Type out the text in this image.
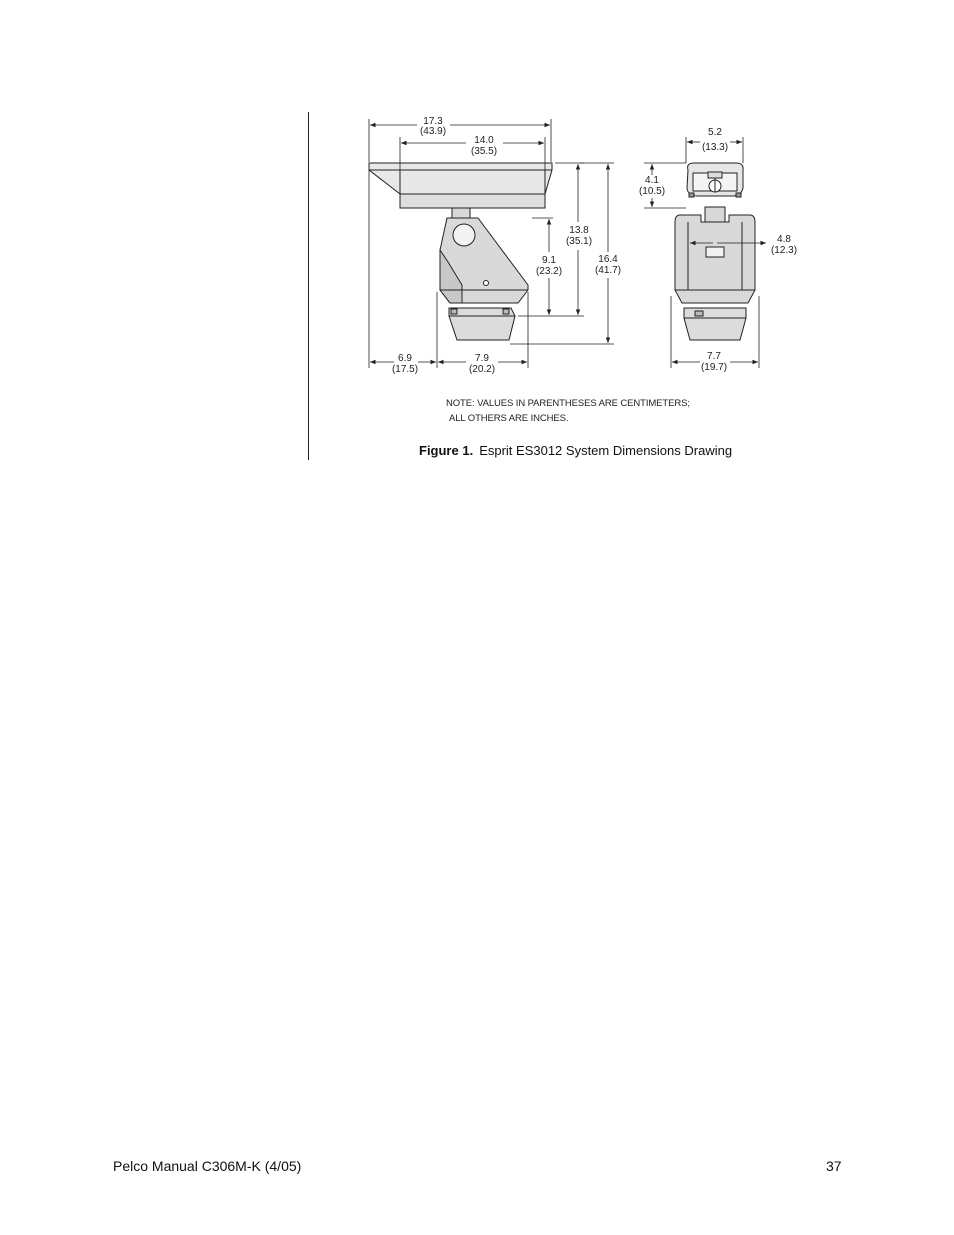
17.3
(43.9)
14.0
(35.5)
13.8
(35.1)
9.1
(23.2)
16.4
(41.7)
6.9
(17.5)
7.9
(20.2)
5.2
(13.3)
4.1
(10.5)
4.8
(12.3)
7.7
(19.7)
NOTE: VALUES IN PARENTHESES ARE CENTIMETERS;
ALL OTHERS ARE INCHES.
Figure 1. Esprit ES3012 System Dimensions Drawing
Pelco Manual C306M-K (4/05)	37
